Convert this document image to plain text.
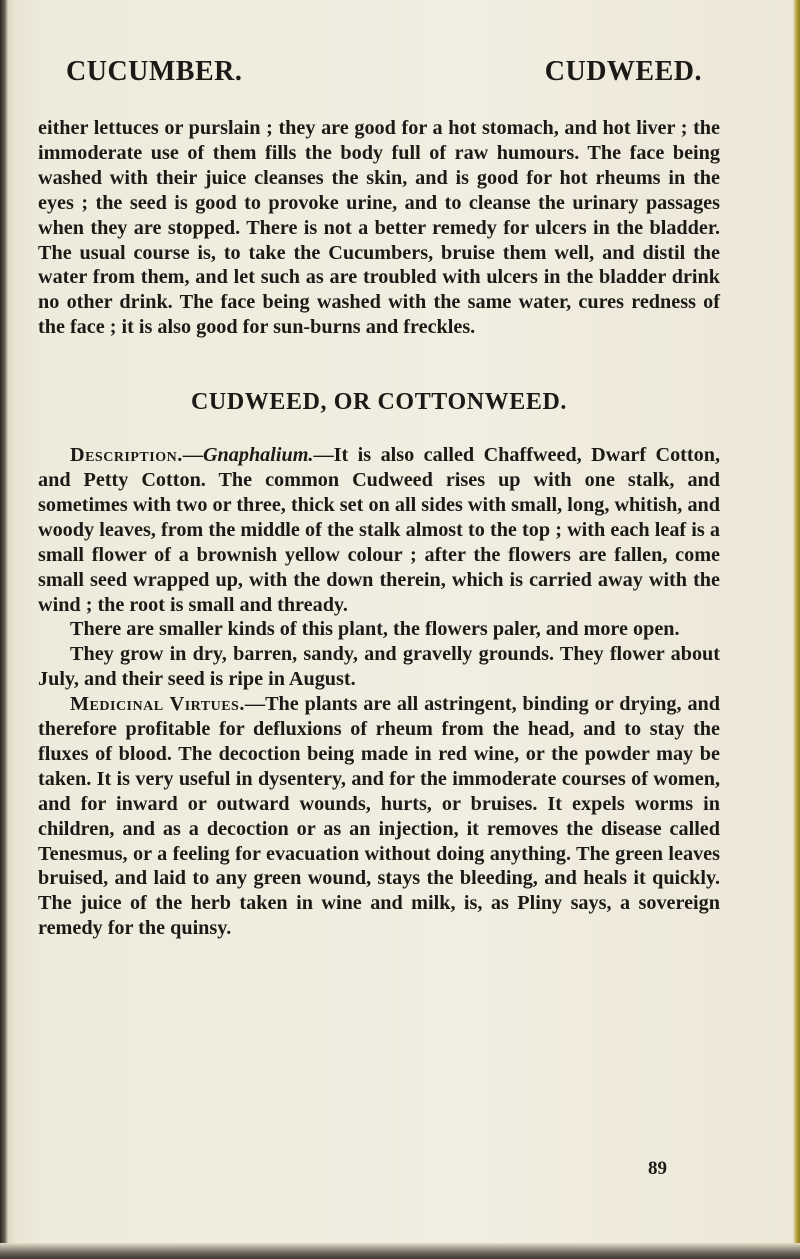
CUCUMBER.	CUDWEED.

either lettuces or purslain ; they are good for a hot stomach, and hot liver ; the immoderate use of them fills the body full of raw humours. The face being washed with their juice cleanses the skin, and is good for hot rheums in the eyes ; the seed is good to provoke urine, and to cleanse the urinary passages when they are stopped. There is not a better remedy for ulcers in the bladder. The usual course is, to take the Cucumbers, bruise them well, and distil the water from them, and let such as are troubled with ulcers in the bladder drink no other drink. The face being washed with the same water, cures redness of the face ; it is also good for sun-burns and freckles.

CUDWEED, OR COTTONWEED.

Description.—Gnaphalium.—It is also called Chaffweed, Dwarf Cotton, and Petty Cotton. The common Cudweed rises up with one stalk, and sometimes with two or three, thick set on all sides with small, long, whitish, and woody leaves, from the middle of the stalk almost to the top ; with each leaf is a small flower of a brownish yellow colour ; after the flowers are fallen, come small seed wrapped up, with the down therein, which is carried away with the wind ; the root is small and thready.

There are smaller kinds of this plant, the flowers paler, and more open.

They grow in dry, barren, sandy, and gravelly grounds. They flower about July, and their seed is ripe in August.

Medicinal Virtues.—The plants are all astringent, binding or drying, and therefore profitable for defluxions of rheum from the head, and to stay the fluxes of blood. The decoction being made in red wine, or the powder may be taken. It is very useful in dysentery, and for the immoderate courses of women, and for inward or outward wounds, hurts, or bruises. It expels worms in children, and as a decoction or as an injection, it removes the disease called Tenesmus, or a feeling for evacuation without doing anything. The green leaves bruised, and laid to any green wound, stays the bleeding, and heals it quickly. The juice of the herb taken in wine and milk, is, as Pliny says, a sovereign remedy for the quinsy.

89
